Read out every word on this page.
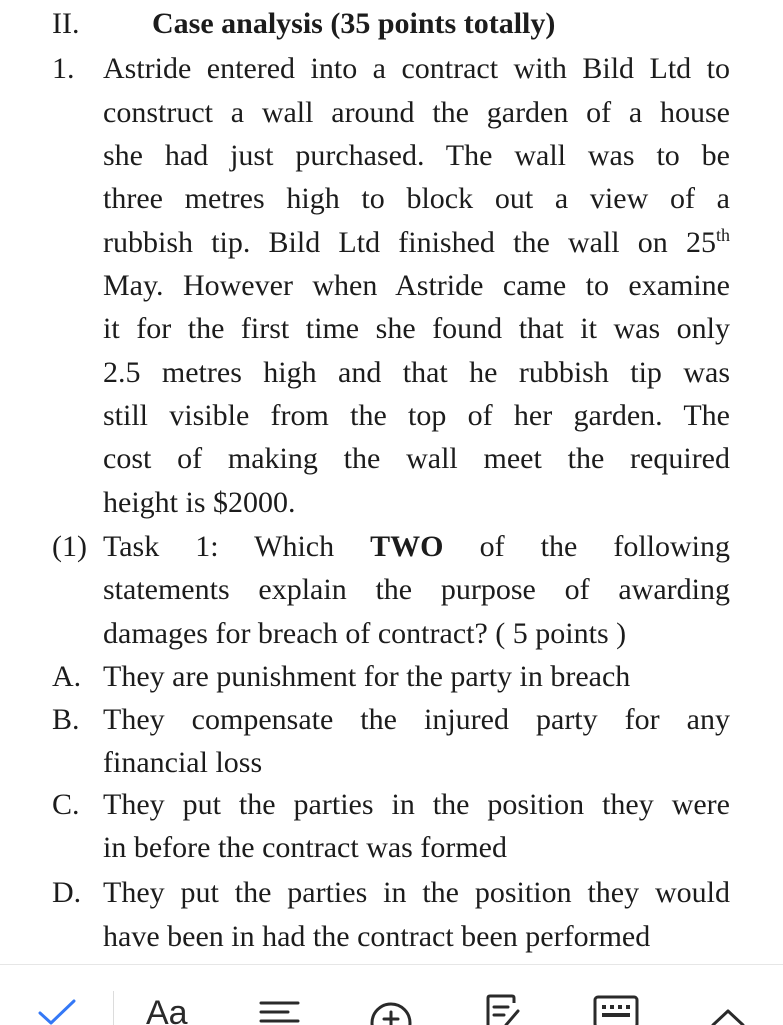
II. Case analysis (35 points totally)
1. Astride entered into a contract with Bild Ltd to
construct a wall around the garden of a house
she had just purchased. The wall was to be
three metres high to block out a view of a
rubbish tip. Bild Ltd finished the wall on 25th
May. However when Astride came to examine
it for the first time she found that it was only
2.5 metres high and that he rubbish tip was
still visible from the top of her garden. The
cost of making the wall meet the required
height is $2000.
(1) Task 1: Which TWO of the following
statements explain the purpose of awarding
damages for breach of contract? ( 5 points )
A. They are punishment for the party in breach
B. They compensate the injured party for any
financial loss
C. They put the parties in the position they were
in before the contract was formed
D. They put the parties in the position they would
have been in had the contract been performed
Aa
